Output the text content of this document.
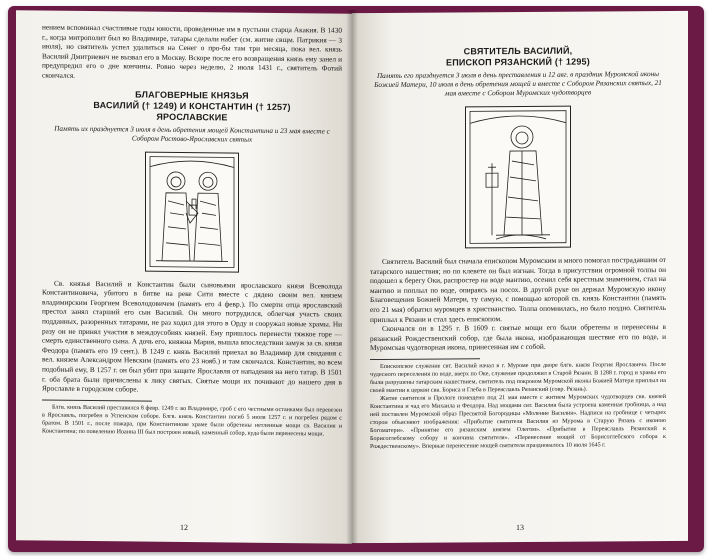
нением вспоминал счастливые годы юности, проведенные им в пустыни старца Акакия. В 1430 г., когда митрополит был во Владимире, татары сделали набег (см. житие свщм. Патрикия — 3 июля), но святитель успел удалиться на Сенег о про-бы там три месяца, пока вел. князь Василий Дмитриевич не вызвал его в Москву. Вскоре после его возвращения князь ему занел и предупредил его о дне кончины. Ровно через неделю, 2 июля 1431 г., святитель Фотий скончался.

БЛАГОВЕРНЫЕ КНЯЗЬЯ
ВАСИЛИЙ († 1249) И КОНСТАНТИН († 1257)
ЯРОСЛАВСКИЕ

Память их празднуется 3 июля в день обретения мощей Константина и 23 мая вместе с Собором Ростово-Ярославских святых

Св. князья Василий и Константин были сыновьями ярославского князя Всеволода Константиновича, убитого в битве на реке Сити вместе с дядею своим вел. князем владимирским Георгием Всеволодовичем (память его 4 февр.). По смерти отца ярославский престол занял старший его сын Василий. Он много потрудился, облегчая участь своих подданных, разоренных татарами, не раз ходил для этого в Орду и сооружал новые храмы. Ни разу он не принял участия в междоусобиях князей. Ему пришлось перенести тяжкое горе — смерть единственного сына. А дочь его, княжна Мария, вышла впоследствии замуж за св. князя Феодора (память его 19 сент.). В 1249 г. князь Василий приехал во Владимир для свидания с вел. князем Александром Невским (память его 23 нояб.) и там скончался. Константин, во всем подобный ему, В 1257 г. он был убит при защите Ярославля от нападения на него татар. В 1501 г. оба брата были причислены к лику святых. Святые мощи их почивают до нашего дня в Ярославле в городском соборе.

Блгв. князь Василий преставился 8 февр. 1249 г. во Владимире, гроб с его честными останками был перевезен в Ярославль, погребен в Успенском соборе. Блгв. князь Константин погиб 5 июля 1257 г. и погребен рядом с братом. В 1501 г., после пожара, при Константинове храме были обретены нетленные мощи св. Василия и Константина; по повелению Иоанна III был построен новый, каменный собор, куда были перенесены мощи.

12
СВЯТИТЕЛЬ ВАСИЛИЙ,
ЕПИСКОП РЯЗАНСКИЙ († 1295)

Память его празднуется 3 июля в день преставления и 12 авг. в праздник Муромской иконы Божией Матери, 10 июля в день обретения мощей и вместе с Собором Рязанских святых, 21 мая вместе с Собором Муромских чудотворцев

Святитель Василий был сначала епископом Муромским и много помогал пострадавшим от татарского нашествия; но по клевете он был изгнан. Тогда в присутствии огромной толпы он подошел к берегу Оки, распростер на воде мантию, осенил себя крестным знамением, стал на мантию и поплыл по воде, опираясь на посох. В другой руке он держал Муромскую икону Благовещения Божией Матери, ту самую, с помощью которой св. князь Константин (память его 21 мая) обратил муромцев в христианство. Толпа опомнилась, но было поздно. Святитель приплыл к Рязани и стал здесь епископом.

Скончался он в 1295 г. В 1609 г. святые мощи его были обретены и перенесены в рязанский Рождественский собор, где была икона, изображающая шествие его по воде, и Муромская чудотворная икона, принесенная им с собой.

Епископское служение свт. Василий начал в г. Муроме при дворе блгв. князя Георгия Ярославича. После чудесного переселения по воде, вверх по Оке, служение продолжил в Старой Рязани. В 1288 г. город и храмы его были разрушены татарским нашествием, святитель под покровом Муромской иконы Божией Матери приплыл на своей мантии к церкви свв. Бориса и Глеба в Переяславль Рязанский (совр. Рязань).

Житие святителя в Прологе помещено под 21 мая вместе с житием Муромских чудотворцев свв. князей Константина и чад его Михаила и Феодора. Над мощами свт. Василия была устроена каменная гробница, а над ней поставлен Муромской образ Пресвятой Богородицы «Моление Василия». Надписи на гробнице с четырех сторон объясняют изображения: «Прибытие святителя Василия из Мурома в Старую Рязань с иконою Богоматери». «Принятие его рязанским князем Олегом». «Прибытие в Переяславль Рязанский к Борисоглебскому собору и кончина святителя». «Перенесение мощей от Борисоглебского собора к Рождественскому». Впервые перенесение мощей святителя праздновалось 10 июля 1645 г.

13
